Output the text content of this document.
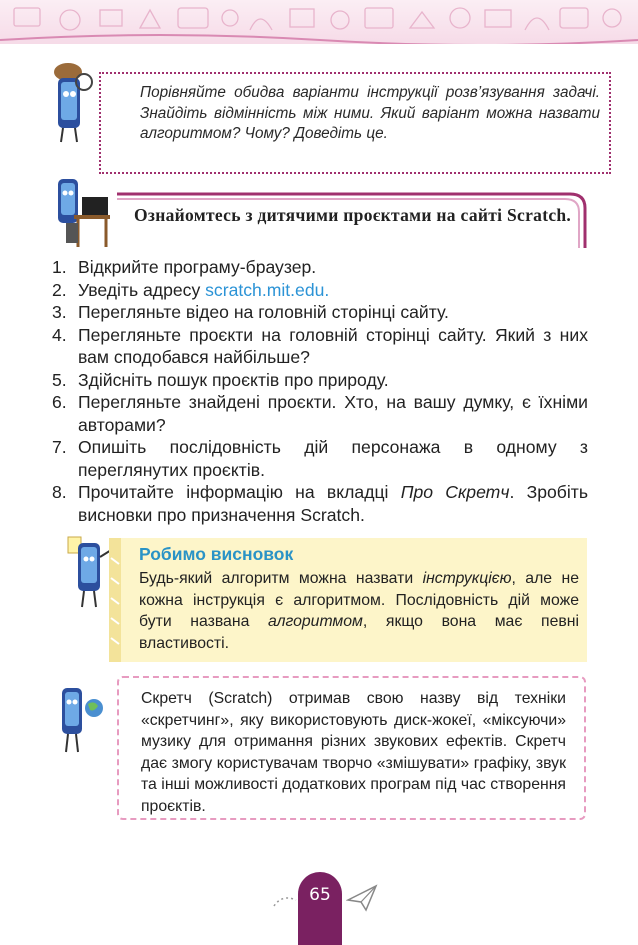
Порівняйте обидва варіанти інструкції розв’язування задачі. Знайдіть відмінність між ними. Який варіант можна назвати алгоритмом? Чому? Доведіть це.

Ознайомтесь з дитячими проєктами на сайті Scratch.
1. Відкрийте програму-браузер.
2. Уведіть адресу scratch.mit.edu.
3. Перегляньте відео на головній сторінці сайту.
4. Перегляньте проєкти на головній сторінці сайту. Який з них вам сподобався найбільше?
5. Здійсніть пошук проєктів про природу.
6. Перегляньте знайдені проєкти. Хто, на вашу думку, є їхніми авторами?
7. Опишіть послідовність дій персонажа в одному з переглянутих проєктів.
8. Прочитайте інформацію на вкладці Про Скретч. Зробіть висновки про призначення Scratch.
Робимо висновок

Будь-який алгоритм можна назвати інструкцією, але не кожна інструкція є алгоритмом. Послідовність дій може бути названа алгоритмом, якщо вона має певні властивості.

Скретч (Scratch) отримав свою назву від техніки «скретчинг», яку використовують диск-жокеї, «міксуючи» музику для отримання різних звукових ефектів. Скретч дає змогу користувачам творчо «змішувати» графіку, звук та інші можливості додаткових програм під час створення проєктів.

65
